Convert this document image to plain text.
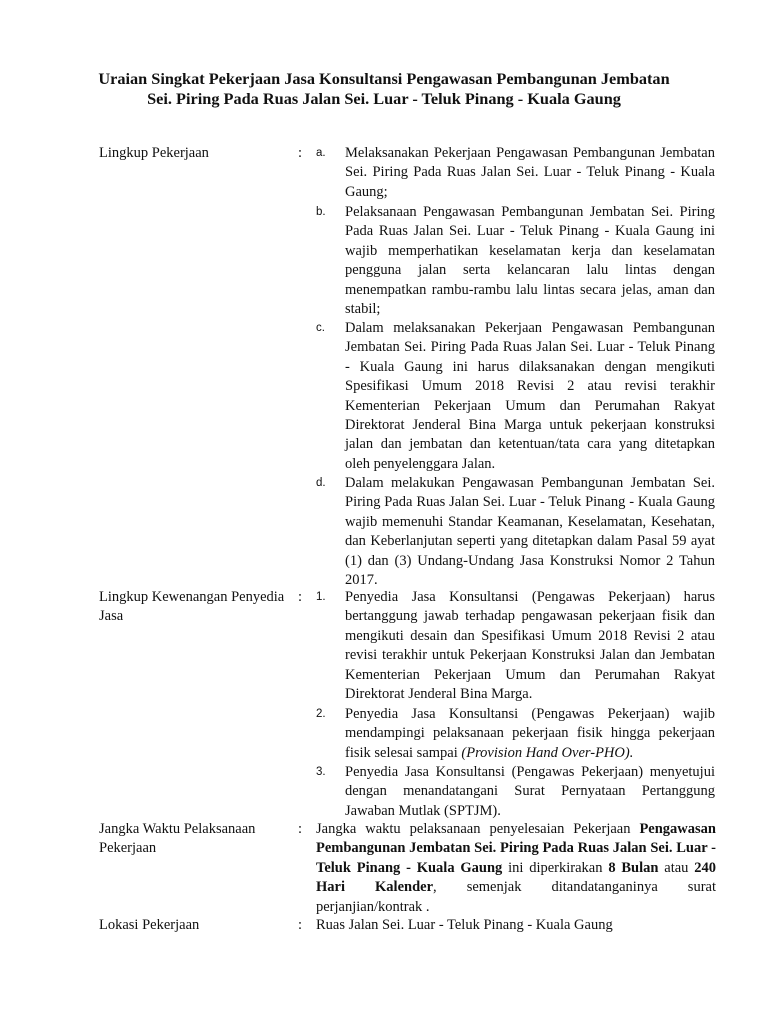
Uraian Singkat Pekerjaan Jasa Konsultansi Pengawasan Pembangunan Jembatan Sei. Piring Pada Ruas Jalan Sei. Luar - Teluk Pinang - Kuala Gaung
Lingkup Pekerjaan	: a.	Melaksanakan Pekerjaan Pengawasan Pembangunan Jembatan Sei. Piring Pada Ruas Jalan Sei. Luar - Teluk Pinang - Kuala Gaung;
b.	Pelaksanaan Pengawasan Pembangunan Jembatan Sei. Piring Pada Ruas Jalan Sei. Luar - Teluk Pinang - Kuala Gaung ini wajib memperhatikan keselamatan kerja dan keselamatan pengguna jalan serta kelancaran lalu lintas dengan menempatkan rambu-rambu lalu lintas secara jelas, aman dan stabil;
c.	Dalam melaksanakan Pekerjaan Pengawasan Pembangunan Jembatan Sei. Piring Pada Ruas Jalan Sei. Luar - Teluk Pinang - Kuala Gaung ini harus dilaksanakan dengan mengikuti Spesifikasi Umum 2018 Revisi 2 atau revisi terakhir Kementerian Pekerjaan Umum dan Perumahan Rakyat Direktorat Jenderal Bina Marga untuk pekerjaan konstruksi jalan dan jembatan dan ketentuan/tata cara yang ditetapkan oleh penyelenggara Jalan.
d.	Dalam melakukan Pengawasan Pembangunan Jembatan Sei. Piring Pada Ruas Jalan Sei. Luar - Teluk Pinang - Kuala Gaung wajib memenuhi Standar Keamanan, Keselamatan, Kesehatan, dan Keberlanjutan seperti yang ditetapkan dalam Pasal 59 ayat (1) dan (3) Undang-Undang Jasa Konstruksi Nomor 2 Tahun 2017.
Lingkup Kewenangan Penyedia Jasa
: 1.	Penyedia Jasa Konsultansi (Pengawas Pekerjaan) harus bertanggung jawab terhadap pengawasan pekerjaan fisik dan mengikuti desain dan Spesifikasi Umum 2018 Revisi 2 atau revisi terakhir untuk Pekerjaan Konstruksi Jalan dan Jembatan Kementerian Pekerjaan Umum dan Perumahan Rakyat Direktorat Jenderal Bina Marga.
2.	Penyedia Jasa Konsultansi (Pengawas Pekerjaan) wajib mendampingi pelaksanaan pekerjaan fisik hingga pekerjaan fisik selesai sampai (Provision Hand Over-PHO).
3.	Penyedia Jasa Konsultansi (Pengawas Pekerjaan) menyetujui dengan menandatangani Surat Pernyataan Pertanggung Jawaban Mutlak (SPTJM).
Jangka Waktu Pelaksanaan Pekerjaan
: Jangka waktu pelaksanaan penyelesaian Pekerjaan Pengawasan Pembangunan Jembatan Sei. Piring Pada Ruas Jalan Sei. Luar - Teluk Pinang - Kuala Gaung ini diperkirakan 8 Bulan atau 240 Hari Kalender, semenjak ditandatanganinya surat perjanjian/kontrak .
Lokasi Pekerjaan	: Ruas Jalan Sei. Luar - Teluk Pinang - Kuala Gaung
